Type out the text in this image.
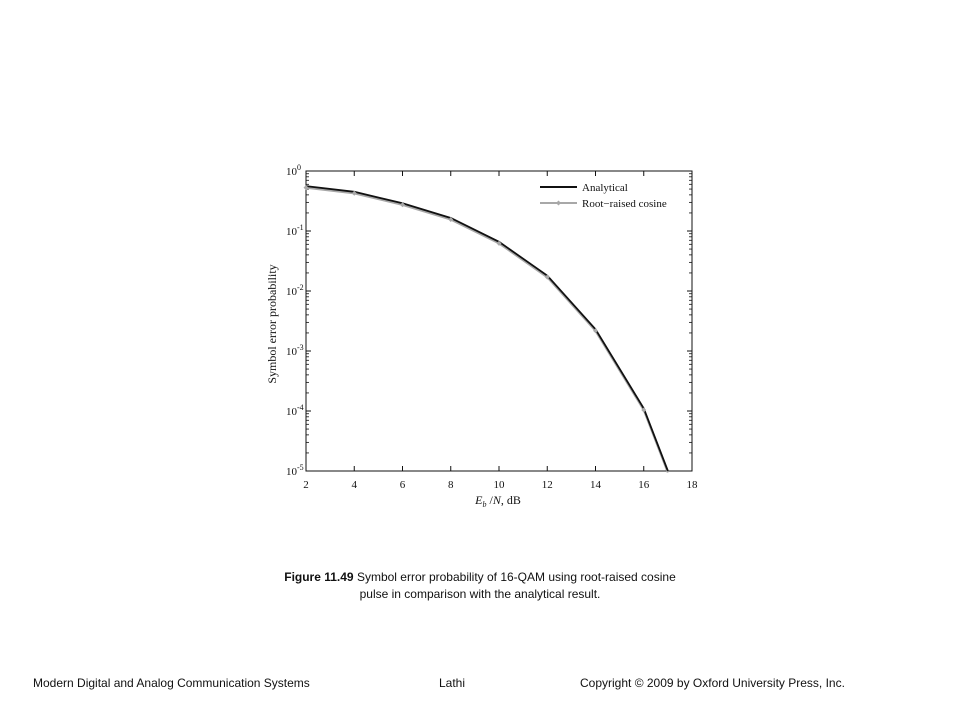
$10^0$
$10^{-1}$
$10^{-2}$
$10^{-3}$
$10^{-4}$
$10^{-5}$
2	4	6	8	10	12	14	16	18
Symbol error probability
$E_b$ /N, dB
Analytical
Root−raised cosine
Figure 11.49 Symbol error probability of 16-QAM using root-raised cosine
pulse in comparison with the analytical result.
Modern Digital and Analog Communication Systems	Lathi	Copyright © 2009 by Oxford University Press, Inc.
